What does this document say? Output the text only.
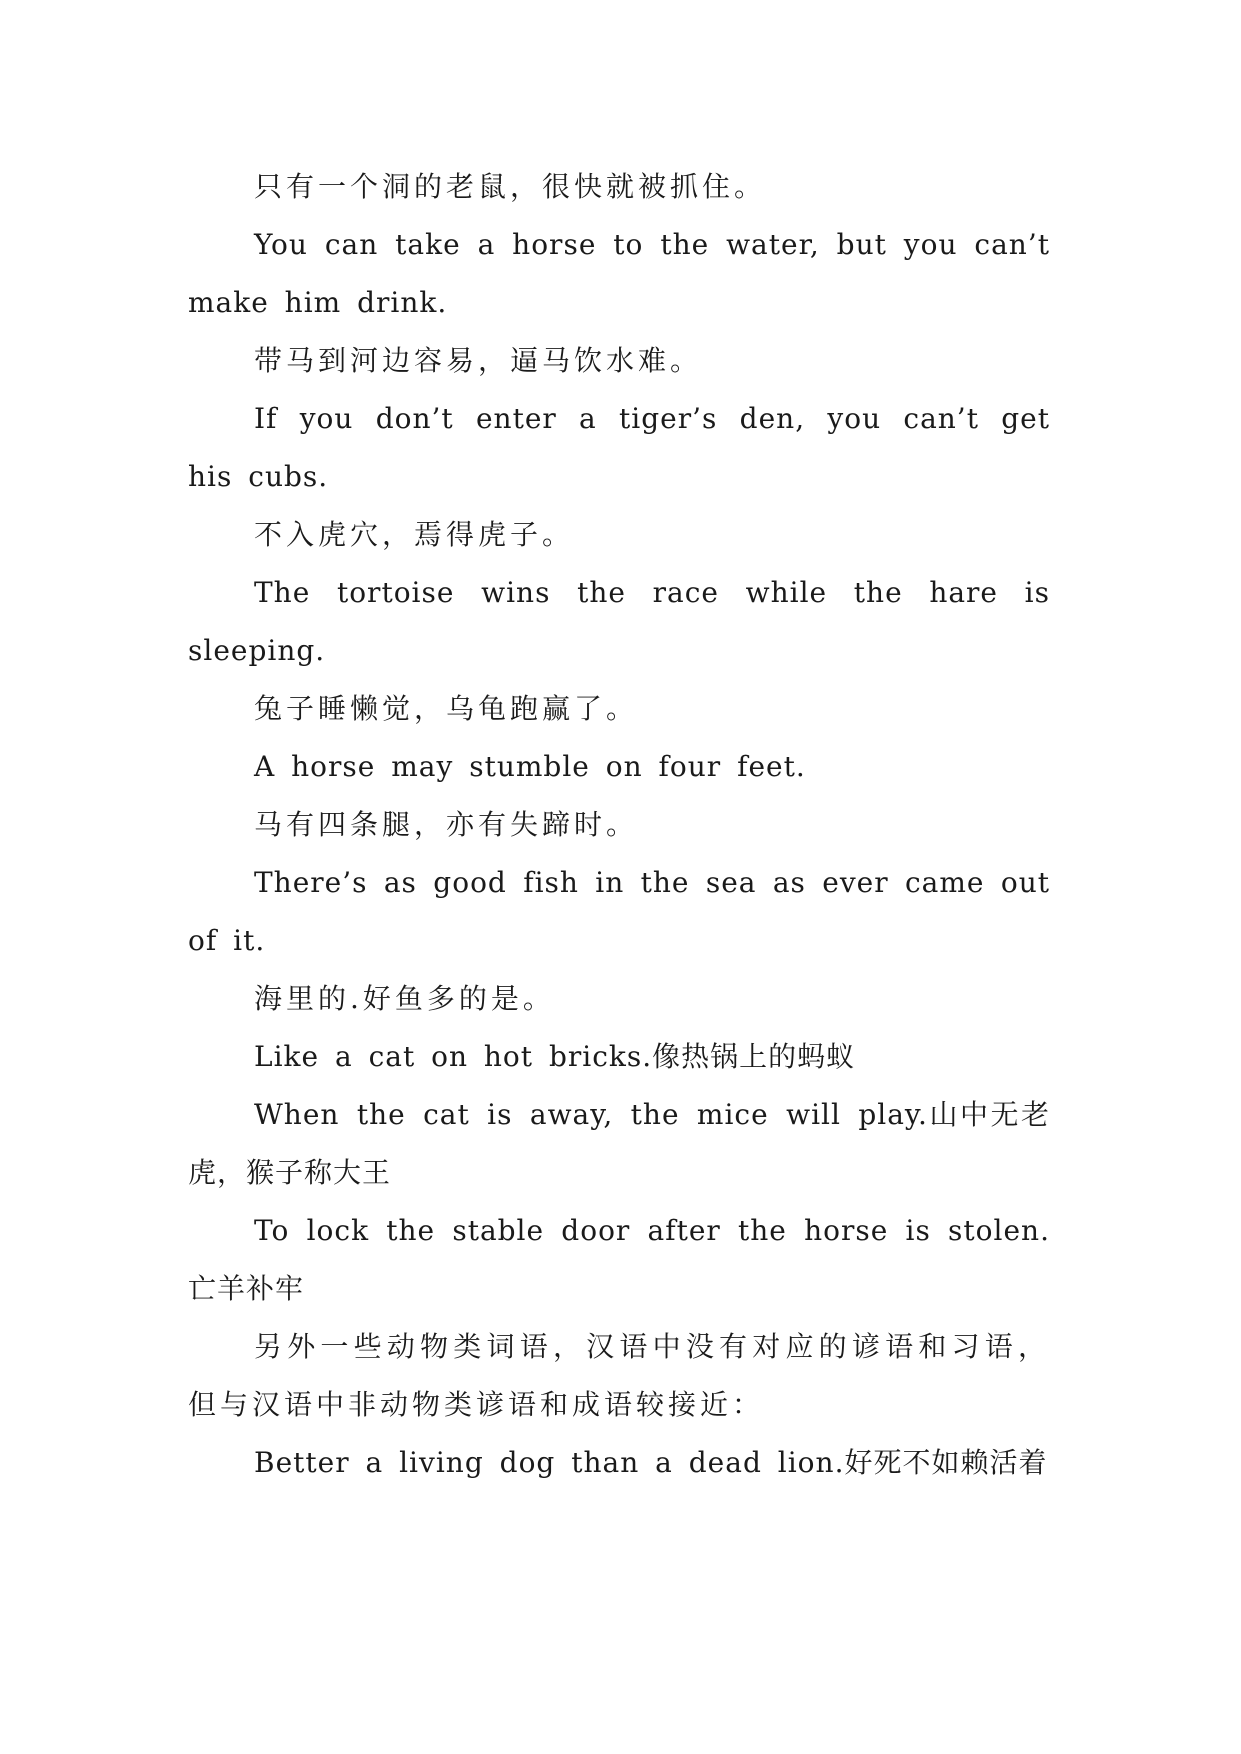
只有一个洞的老鼠，很快就被抓住。

You can take a horse to the water, but you can’t make him drink.

带马到河边容易，逼马饮水难。

If you don’t enter a tiger’s den, you can’t get his cubs.

不入虎穴，焉得虎子。

The tortoise wins the race while the hare is sleeping.

兔子睡懒觉，乌龟跑赢了。

A horse may stumble on four feet.

马有四条腿，亦有失蹄时。

There’s as good fish in the sea as ever came out of it.

海里的.好鱼多的是。

Like a cat on hot bricks.像热锅上的蚂蚁

When the cat is away, the mice will play.山中无老虎，猴子称大王

To lock the stable door after the horse is stolen.亡羊补牢

另外一些动物类词语，汉语中没有对应的谚语和习语，但与汉语中非动物类谚语和成语较接近：

Better a living dog than a dead lion.好死不如赖活着
